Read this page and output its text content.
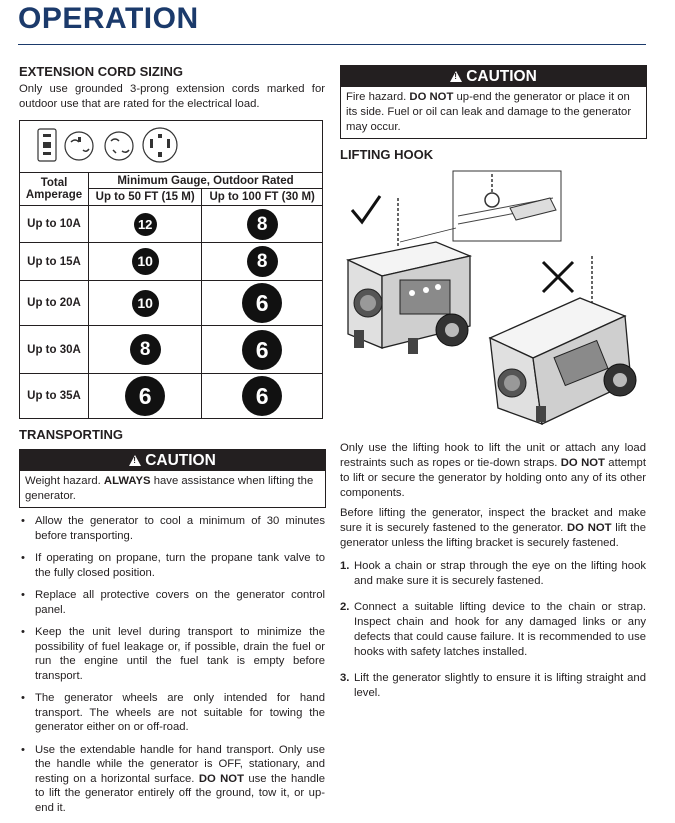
OPERATION
EXTENSION CORD SIZING

Only use grounded 3-prong extension cords marked for outdoor use that are rated for the electrical load.

Total Amperage	Minimum Gauge, Outdoor Rated	
	Up to 50 FT (15 M)	Up to 100 FT (30 M)
Up to 10A	12	8
Up to 15A	10	8
Up to 20A	10	6
Up to 30A	8	6
Up to 35A	6	6
TRANSPORTING
!CAUTION
Weight hazard. ALWAYS have assistance when lifting the generator.
• Allow the generator to cool a minimum of 30 minutes before transporting.
• If operating on propane, turn the propane tank valve to the fully closed position.
• Replace all protective covers on the generator control panel.
• Keep the unit level during transport to minimize the possibility of fuel leakage or, if possible, drain the fuel or run the engine until the fuel tank is empty before transport.
• The generator wheels are only intended for hand transport. The wheels are not suitable for towing the generator either on or off-road.
• Use the extendable handle for hand transport. Only use the handle while the generator is OFF, stationary, and resting on a horizontal surface. DO NOT use the handle to lift the generator entirely off the ground, tow it, or up-end it.
!CAUTION
Fire hazard. DO NOT up-end the generator or place it on its side. Fuel or oil can leak and damage to the generator may occur.
LIFTING HOOK

Only use the lifting hook to lift the unit or attach any load restraints such as ropes or tie-down straps. DO NOT attempt to lift or secure the generator by holding onto any of its other components.

Before lifting the generator, inspect the bracket and make sure it is securely fastened to the generator. DO NOT lift the generator unless the lifting bracket is securely fastened.

1. Hook a chain or strap through the eye on the lifting hook and make sure it is securely fastened.
2. Connect a suitable lifting device to the chain or strap. Inspect chain and hook for any damaged links or any defects that could cause failure. It is recommended to use hooks with safety latches installed.
3. Lift the generator slightly to ensure it is lifting straight and level.
